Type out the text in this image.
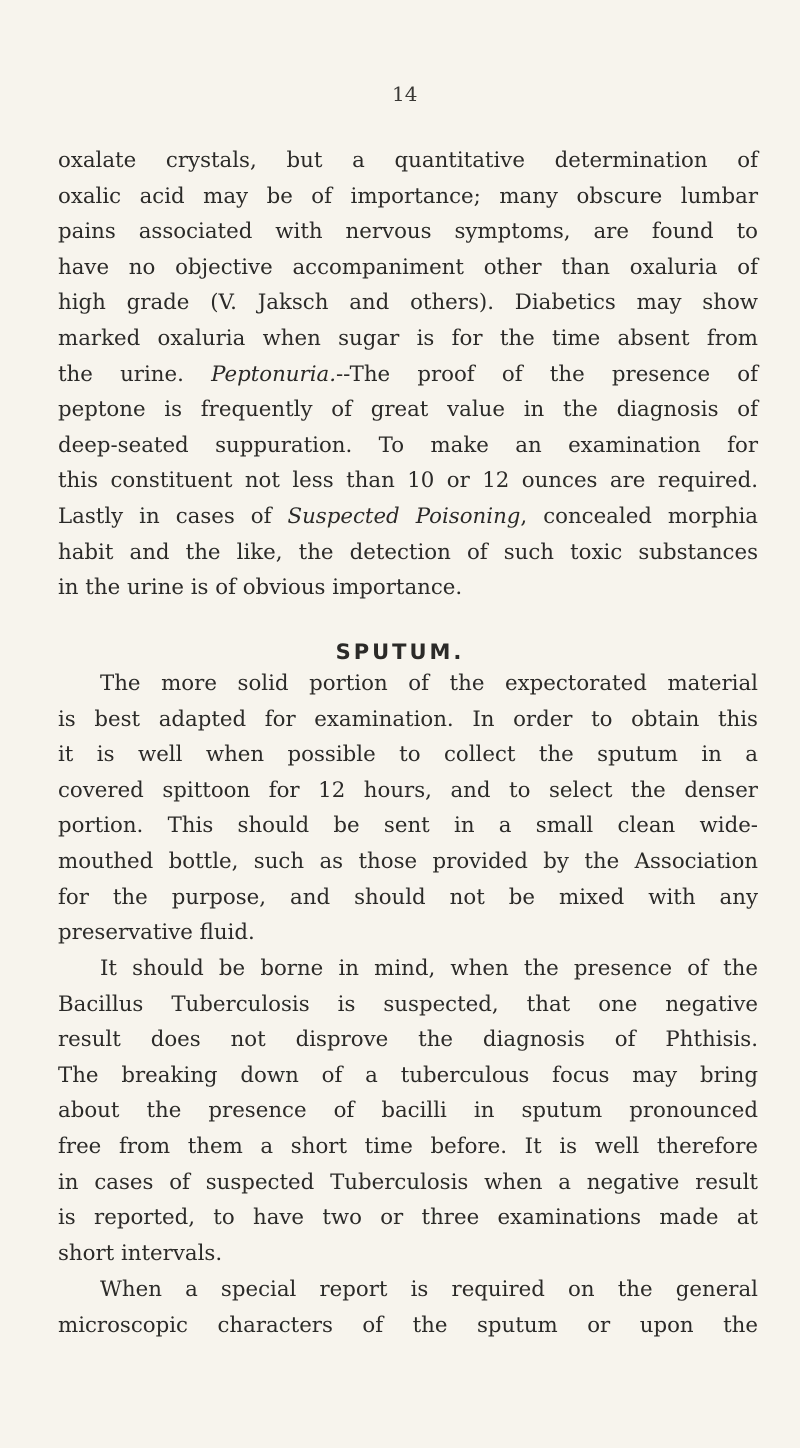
14
oxalate crystals, but a quantitative determination of
oxalic acid may be of importance; many obscure lumbar
pains associated with nervous symptoms, are found to
have no objective accompaniment other than oxaluria of
high grade (V. Jaksch and others). Diabetics may show
marked oxaluria when sugar is for the time absent from
the urine. Peptonuria.--The proof of the presence of
peptone is frequently of great value in the diagnosis of
deep-seated suppuration. To make an examination for
this constituent not less than 10 or 12 ounces are required.
Lastly in cases of Suspected Poisoning, concealed morphia
habit and the like, the detection of such toxic substances
in the urine is of obvious importance.
SPUTUM.
The more solid portion of the expectorated material
is best adapted for examination. In order to obtain this
it is well when possible to collect the sputum in a
covered spittoon for 12 hours, and to select the denser
portion. This should be sent in a small clean wide-
mouthed bottle, such as those provided by the Association
for the purpose, and should not be mixed with any
preservative fluid.
It should be borne in mind, when the presence of the
Bacillus Tuberculosis is suspected, that one negative
result does not disprove the diagnosis of Phthisis.
The breaking down of a tuberculous focus may bring
about the presence of bacilli in sputum pronounced
free from them a short time before. It is well therefore
in cases of suspected Tuberculosis when a negative result
is reported, to have two or three examinations made at
short intervals.
When a special report is required on the general
microscopic characters of the sputum or upon the
